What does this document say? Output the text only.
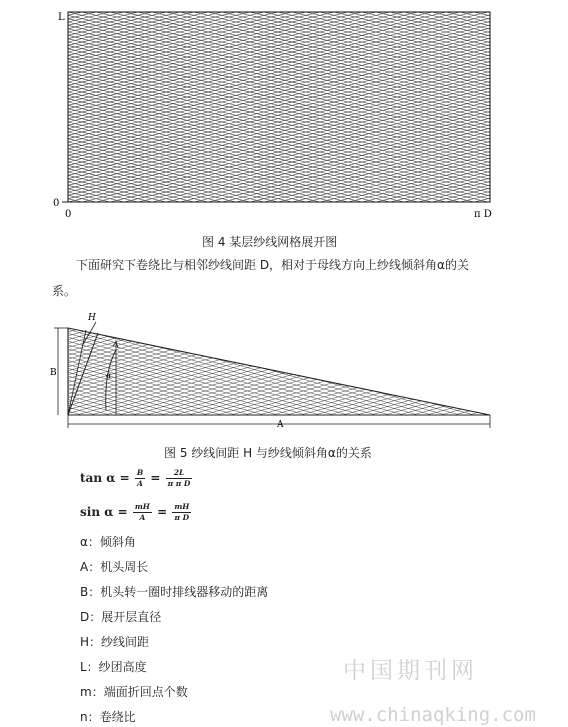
L
0
0	π D
图 4 某层纱线网格展开图
下面研究下卷绕比与相邻纱线间距 D，相对于母线方向上纱线倾斜角α的关
系。
H
B	α
A
图 5 纱线间距 H 与纱线倾斜角α的关系
$\tan \alpha = \frac{B}{A} = \frac{2L}{\text{π π D}}$
$\sin \alpha = \frac{mH}{A} = \frac{mH}{\text{π D}}$
α：倾斜角
A：机头周长
B：机头转一圈时排线器移动的距离
D：展开层直径
H：纱线间距
L：纱团高度
m：端面折回点个数
n：卷绕比
中国期刊网
www.chinaqking.com
